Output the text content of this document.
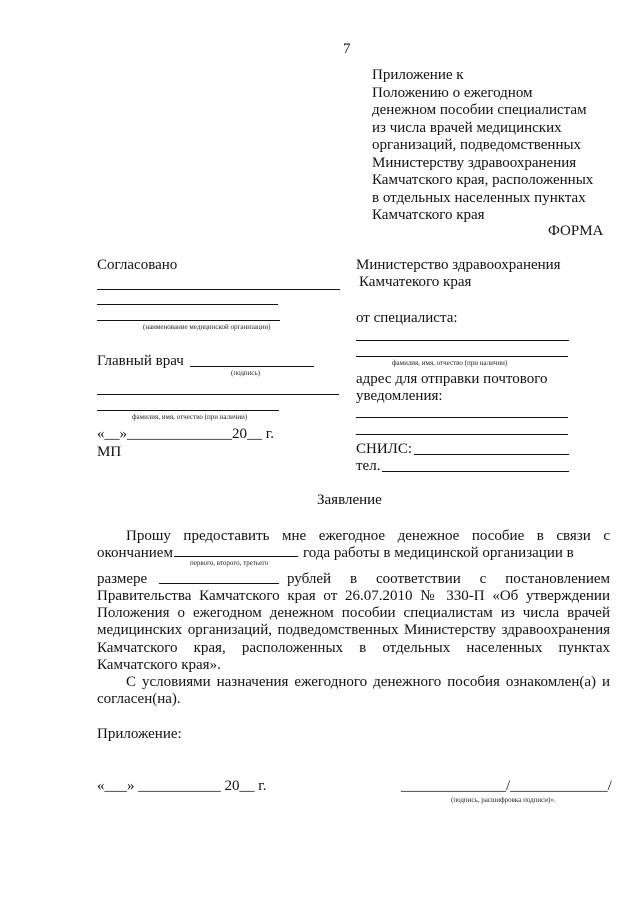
7
Приложение к
Положению о ежегодном
денежном пособии специалистам
из числа врачей медицинских
организаций, подведомственных
Министерству здравоохранения
Камчатского края, расположенных
в отдельных населенных пунктах
Камчатского края
ФОРМА
Согласовано
(наименование медицинской организации)
Главный врач
(подпись)
фамилия, имя, отчество (при наличии)
«__»______________20__ г.
МП
Министерство здравоохранения
Камчатекого края
от специалиста:
фамилия, имя, отчество (при наличии)
адрес для отправки почтового
уведомления:
СНИЛС:
тел.
Заявление
Прошу предоставить мне ежегодное денежное пособие в связи с
окончанием	года работы в медицинской организации в
первого, второго, третьего
размере	рублей в соответствии с постановлением
Правительства Камчатского края от 26.07.2010 № 330-П «Об утверждении
Положения о ежегодном денежном пособии специалистам из числа врачей
медицинских организаций, подведомственных Министерству здравоохранения
Камчатского края, расположенных в отдельных населенных пунктах
Камчатского края».
С условиями назначения ежегодного денежного пособия ознакомлен(а) и
согласен(на).
Приложение:
«___» ___________ 20__ г.	______________/_____________/
(подпись, расшифровка подписи)».
